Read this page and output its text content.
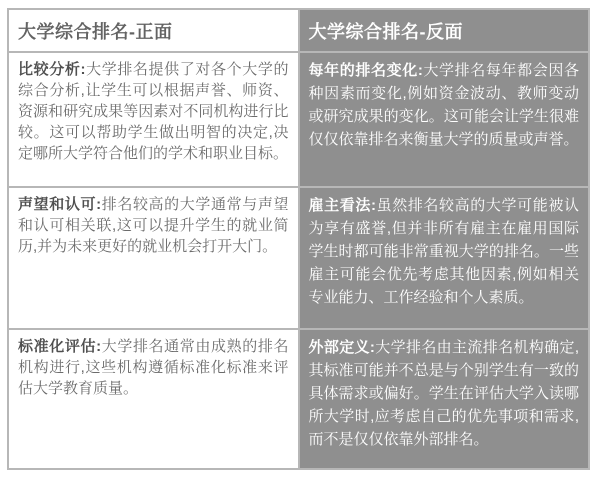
大学综合排名-正面	大学综合排名-反面

比较分析:大学排名提供了对各个大学的综合分析,让学生可以根据声誉、师资、资源和研究成果等因素对不同机构进行比较。这可以帮助学生做出明智的决定,决定哪所大学符合他们的学术和职业目标。	每年的排名变化:大学排名每年都会因各种因素而变化,例如资金波动、教师变动或研究成果的变化。这可能会让学生很难仅仅依靠排名来衡量大学的质量或声誉。

声望和认可:排名较高的大学通常与声望和认可相关联,这可以提升学生的就业简历,并为未来更好的就业机会打开大门。	雇主看法:虽然排名较高的大学可能被认为享有盛誉,但并非所有雇主在雇用国际学生时都可能非常重视大学的排名。一些雇主可能会优先考虑其他因素,例如相关专业能力、工作经验和个人素质。

标准化评估:大学排名通常由成熟的排名机构进行,这些机构遵循标准化标准来评估大学教育质量。	外部定义:大学排名由主流排名机构确定,其标准可能并不总是与个别学生有一致的具体需求或偏好。学生在评估大学入读哪所大学时,应考虑自己的优先事项和需求,而不是仅仅依靠外部排名。
